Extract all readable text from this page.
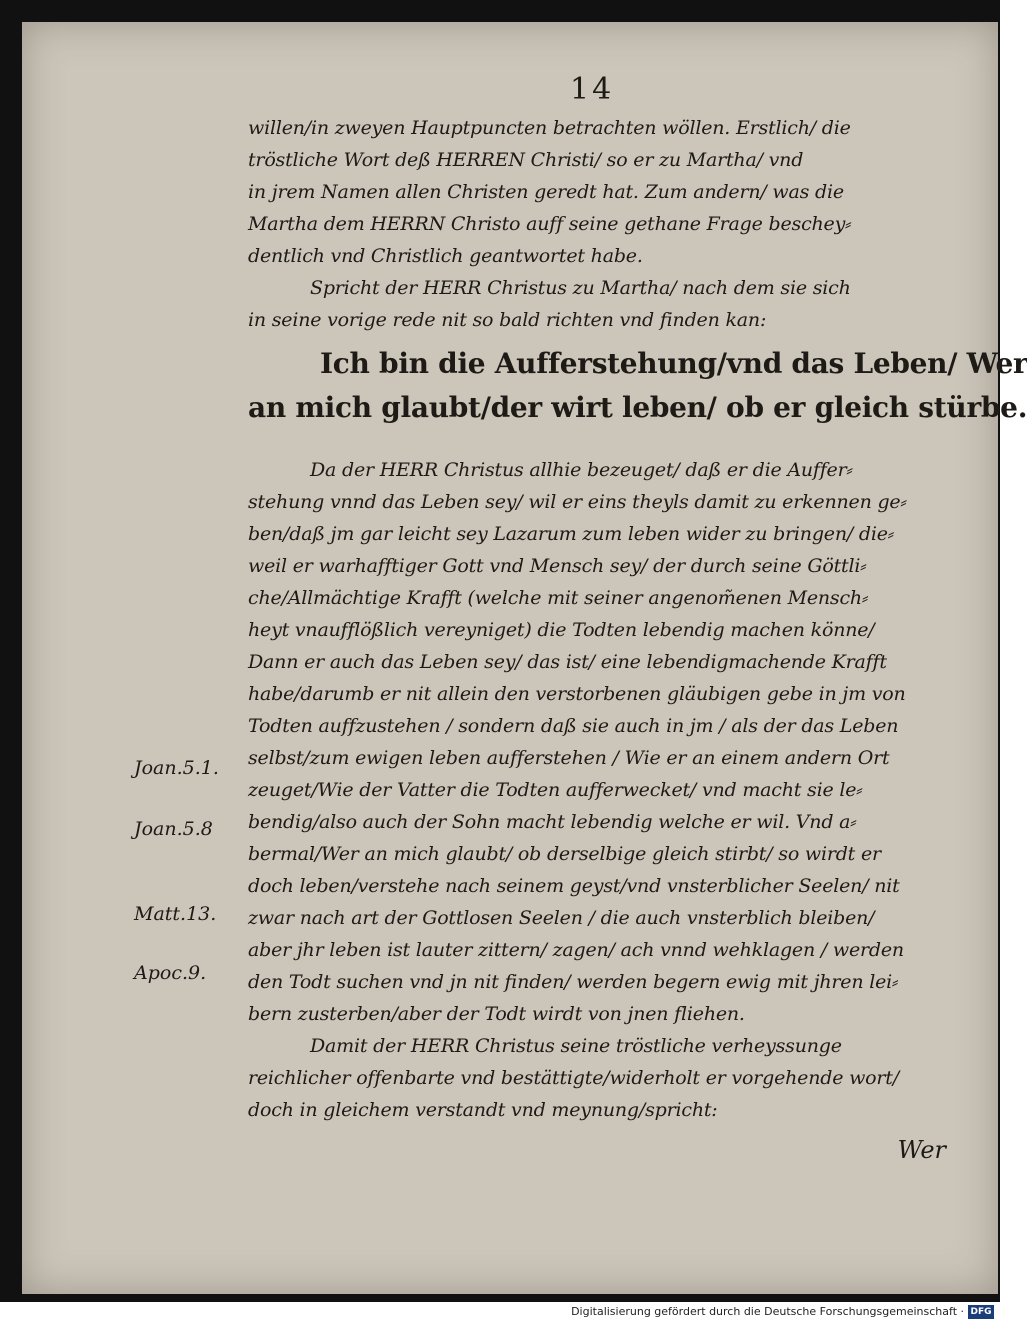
14
willen/in zweyen Hauptpuncten betrachten wöllen. Erstlich/ die
tröstliche Wort deß HERREN Christi/ so er zu Martha/ vnd
in jrem Namen allen Christen geredt hat. Zum andern/ was die
Martha dem HERRN Christo auff seine gethane Frage beschey⸗
dentlich vnd Christlich geantwortet habe.
Spricht der HERR Christus zu Martha/ nach dem sie sich
in seine vorige rede nit so bald richten vnd finden kan:
Ich bin die Aufferstehung/vnd das Leben/ Wer
an mich glaubt/der wirt leben/ ob er gleich stürbe.
Da der HERR Christus allhie bezeuget/ daß er die Auffer⸗
stehung vnnd das Leben sey/ wil er eins theyls damit zu erkennen ge⸗
ben/daß jm gar leicht sey Lazarum zum leben wider zu bringen/ die⸗
weil er warhafftiger Gott vnd Mensch sey/ der durch seine Göttli⸗
che/Allmächtige Krafft (welche mit seiner angenom̃enen Mensch⸗
heyt vnaufflößlich vereyniget) die Todten lebendig machen könne/
Dann er auch das Leben sey/ das ist/ eine lebendigmachende Krafft
habe/darumb er nit allein den verstorbenen gläubigen gebe in jm von
Todten auffzustehen / sondern daß sie auch in jm / als der das Leben
selbst/zum ewigen leben aufferstehen / Wie er an einem andern Ort
zeuget/Wie der Vatter die Todten aufferwecket/ vnd macht sie le⸗
bendig/also auch der Sohn macht lebendig welche er wil. Vnd a⸗
bermal/Wer an mich glaubt/ ob derselbige gleich stirbt/ so wirdt er
doch leben/verstehe nach seinem geyst/vnd vnsterblicher Seelen/ nit
zwar nach art der Gottlosen Seelen / die auch vnsterblich bleiben/
aber jhr leben ist lauter zittern/ zagen/ ach vnnd wehklagen / werden
den Todt suchen vnd jn nit finden/ werden begern ewig mit jhren lei⸗
bern zusterben/aber der Todt wirdt von jnen fliehen.
Damit der HERR Christus seine tröstliche verheyssunge
reichlicher offenbarte vnd bestättigte/widerholt er vorgehende wort/
doch in gleichem verstandt vnd meynung/spricht:
Wer
Joan.5.1.
Joan.5.8
Matt.13.
Apoc.9.
Digitalisierung gefördert durch die Deutsche Forschungsgemeinschaft · DFG
